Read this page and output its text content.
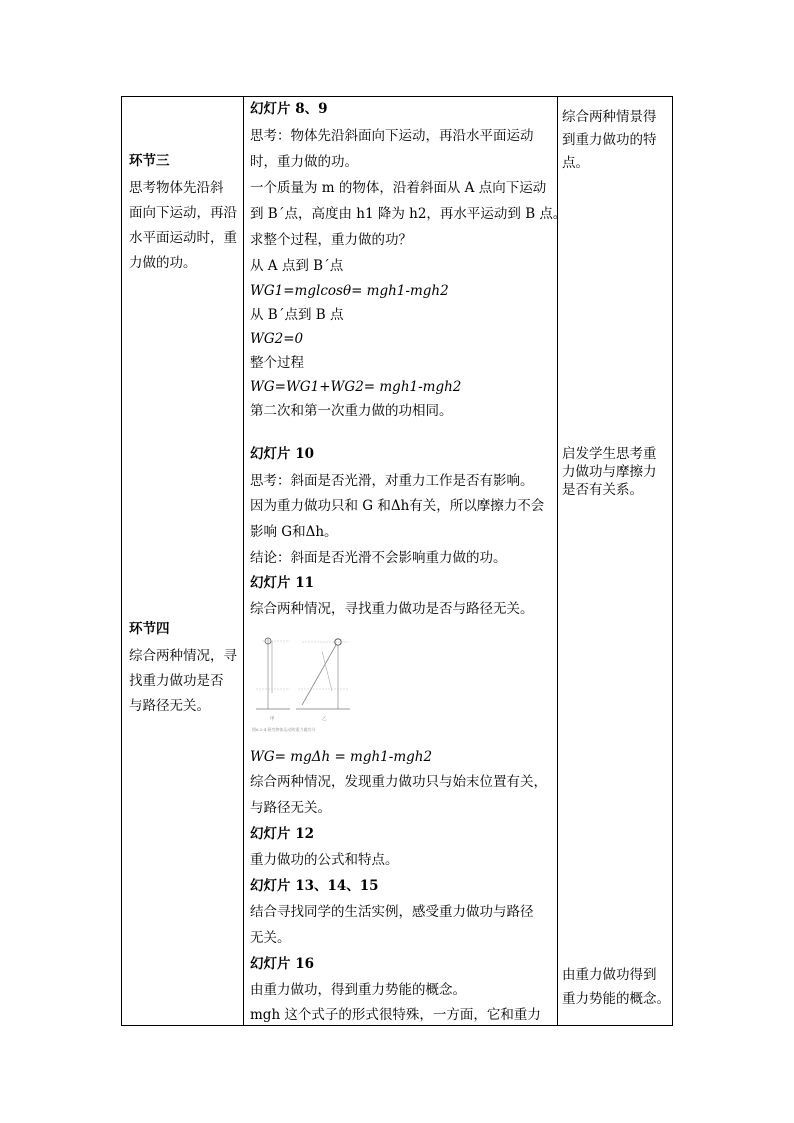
环节三
思考物体先沿斜
面向下运动，再沿
水平面运动时，重
力做的功。
环节四
综合两种情况，寻
找重力做功是否
与路径无关。
幻灯片 8、9
思考：物体先沿斜面向下运动，再沿水平面运动
时，重力做的功。
一个质量为 m 的物体，沿着斜面从 A 点向下运动
到 B´点，高度由 h1 降为 h2，再水平运动到 B 点。
求整个过程，重力做的功？
从 A 点到 B´点
WG1=mglcosθ= mgh1-mgh2
从 B´点到 B 点
WG2=0
整个过程
WG=WG1+WG2= mgh1-mgh2
第二次和第一次重力做的功相同。
幻灯片 10
思考：斜面是否光滑，对重力工作是否有影响。
因为重力做功只和 G 和Δh有关，所以摩擦力不会
影响 G和Δh。
结论：斜面是否光滑不会影响重力做的功。
幻灯片 11
综合两种情况，寻找重力做功是否与路径无关。
甲	乙
图6.2-4 研究物体运动的重力做功分
WG= mgΔh = mgh1-mgh2
综合两种情况，发现重力做功只与始末位置有关，
与路径无关。
幻灯片 12
重力做功的公式和特点。
幻灯片 13、14、15
结合寻找同学的生活实例，感受重力做功与路径
无关。
幻灯片 16
由重力做功，得到重力势能的概念。
mgh 这个式子的形式很特殊，一方面，它和重力
综合两种情景得
到重力做功的特
点。
启发学生思考重
力做功与摩擦力
是否有关系。
由重力做功得到
重力势能的概念。
